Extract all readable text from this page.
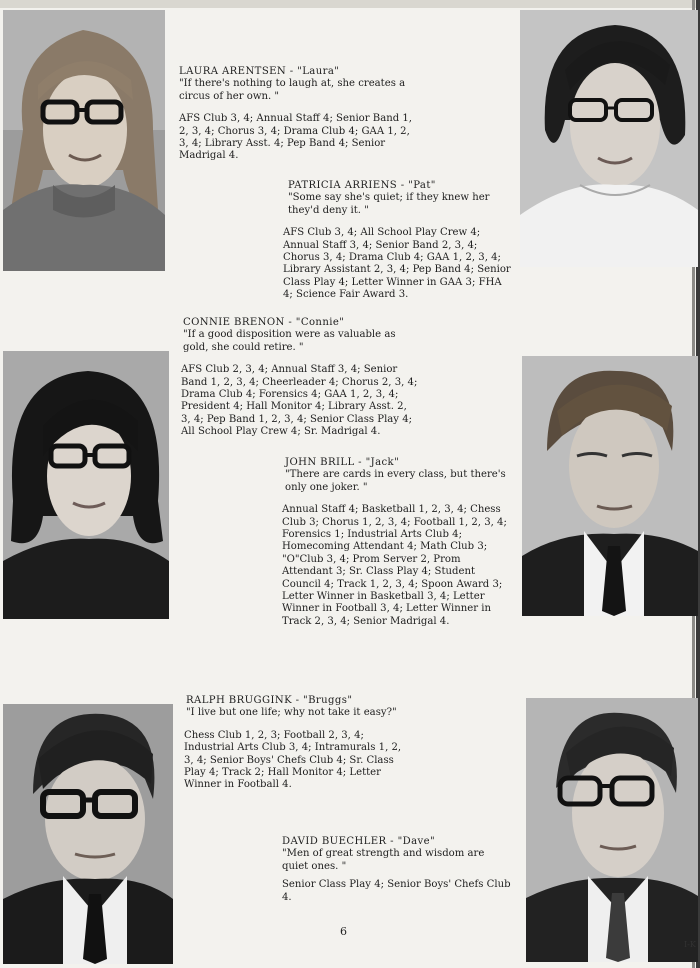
LAURA ARENTSEN - "Laura"

"If there's nothing to laugh at, she creates a circus of her own. "

AFS Club 3, 4; Annual Staff 4; Senior Band 1, 2, 3, 4; Chorus 3, 4; Drama Club 4; GAA 1, 2, 3, 4; Library Asst. 4; Pep Band 4; Senior Madrigal 4.

PATRICIA ARRIENS - "Pat"

"Some say she's quiet; if they knew her they'd deny it. "

AFS Club 3, 4; All School Play Crew 4; Annual Staff 3, 4; Senior Band 2, 3, 4; Chorus 3, 4; Drama Club 4; GAA 1, 2, 3, 4; Library Assistant 2, 3, 4; Pep Band 4; Senior Class Play 4; Letter Winner in GAA 3; FHA 4; Science Fair Award 3.

CONNIE BRENON - "Connie"

"If a good disposition were as valuable as gold, she could retire. "

AFS Club 2, 3, 4; Annual Staff 3, 4; Senior Band 1, 2, 3, 4; Cheerleader 4; Chorus 2, 3, 4; Drama Club 4; Forensics 4; GAA 1, 2, 3, 4; President 4; Hall Monitor 4; Library Asst. 2, 3, 4; Pep Band 1, 2, 3, 4; Senior Class Play 4; All School Play Crew 4; Sr. Madrigal 4.

JOHN BRILL - "Jack"

"There are cards in every class, but there's only one joker. "

Annual Staff 4; Basketball 1, 2, 3, 4; Chess Club 3; Chorus 1, 2, 3, 4; Football 1, 2, 3, 4; Forensics 1; Industrial Arts Club 4; Homecoming Attendant 4; Math Club 3; "O"Club 3, 4; Prom Server 2, Prom Attendant 3; Sr. Class Play 4; Student Council 4; Track 1, 2, 3, 4; Spoon Award 3; Letter Winner in Basketball 3, 4; Letter Winner in Football 3, 4; Letter Winner in Track 2, 3, 4; Senior Madrigal 4.

RALPH BRUGGINK - "Bruggs"

"I live but one life; why not take it easy?"

Chess Club 1, 2, 3; Football 2, 3, 4; Industrial Arts Club 3, 4; Intramurals 1, 2, 3, 4; Senior Boys' Chefs Club 4; Sr. Class Play 4; Track 2; Hall Monitor 4; Letter Winner in Football 4.

DAVID BUECHLER - "Dave"

"Men of great strength and wisdom are quiet ones. "

Senior Class Play 4; Senior Boys' Chefs Club 4.

6
I-K
